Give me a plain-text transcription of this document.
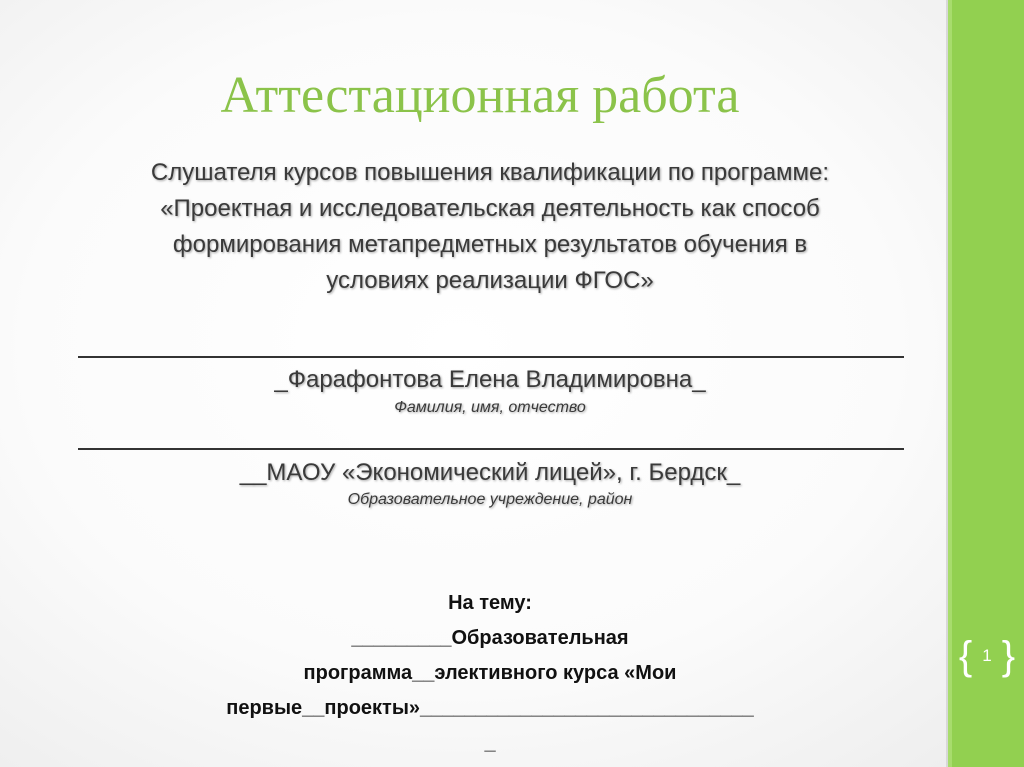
{ 1 }
Аттестационная работа
Слушателя курсов повышения квалификации по программе:
«Проектная и исследовательская деятельность как способ
формирования метапредметных результатов обучения в
условиях реализации ФГОС»
_Фарафонтова Елена Владимировна_
Фамилия, имя, отчество
__МАОУ «Экономический лицей», г. Бердск_
Образовательное учреждение, район
На тему:
_________Образовательная
программа__элективного курса «Мои
первые__проекты»______________________________
_
